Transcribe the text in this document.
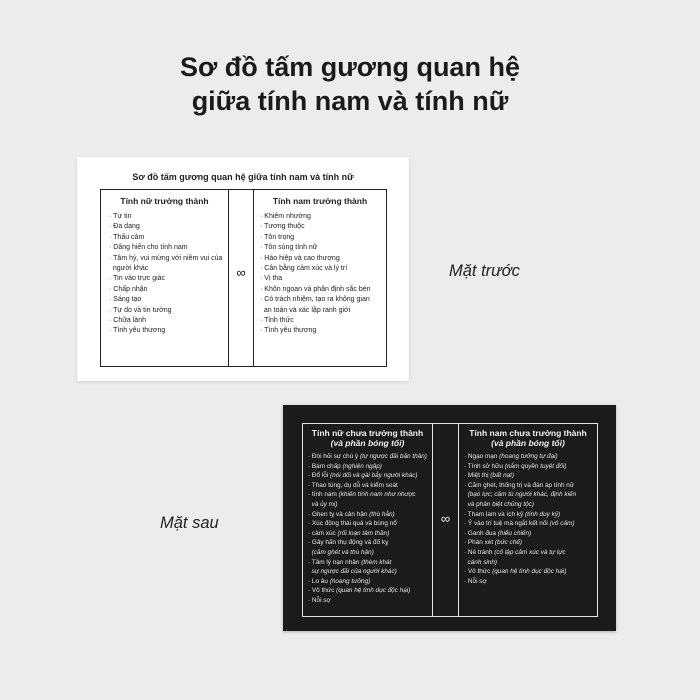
Sơ đồ tấm gương quan hệ
giữa tính nam và tính nữ
Sơ đồ tấm gương quan hệ giữa tính nam và tính nữ
Tính nữ trưởng thành
· Tự tin
· Đa dạng
· Thấu cảm
· Dâng hiến cho tính nam
· Tâm hỷ, vui mừng với niềm vui của
người khác
· Tin vào trực giác
· Chấp nhận
· Sáng tạo
· Tự do và tin tưởng
· Chữa lành
· Tình yêu thương
∞
Tính nam trưởng thành
· Khiêm nhường
· Tương thuộc
· Tôn trọng
· Tôn sùng tính nữ
· Hào hiệp và cao thượng
· Cân bằng cảm xúc và lý trí
· Vị tha
· Khôn ngoan và phân định sắc bén
· Có trách nhiệm, tạo ra không gian
an toàn và xác lập ranh giới
· Tỉnh thức
· Tình yêu thương
Mặt trước
Mặt sau
Tính nữ chưa trưởng thành
(và phần bóng tối)
· Đòi hỏi sự chú ý (tự ngược đãi bản thân)
· Bám chấp (nghiện ngập)
· Đổ lỗi (nói dối và gài bẫy người khác)
· Thao túng, dụ dỗ và kiểm soát
· tính nam (khiến tính nam như nhược
và ủy mị)
· Ghen tỵ và cản hận (thù hằn)
· Xúc động thái quá và bùng nổ
· cảm xúc (rối loạn tâm thần)
· Gây hấn thụ động và đố kỵ
(căm ghét và thù hận)
· Tâm lý nạn nhân (thèm khát
sự ngược đãi của người khác)
· Lo âu (hoang tưởng)
· Vô thức (quan hệ tình dục độc hại)
· Nỗi sợ
∞
Tính nam chưa trưởng thành
(và phần bóng tối)
· Ngạo mạn (hoang tưởng tự đại)
· Tính sở hữu (nắm quyền tuyệt đối)
· Miệt thị (bất nạt)
· Căm ghét, thống trị và đàn áp tính nữ
(bạo lực; căm tù người khác, định kiến
và phân biệt chủng tộc)
· Tham lam và ích kỷ (tính duy kỷ)
· Ý vào trí tuệ mà ngắt kết nối (vô cảm)
· Ganh đua (hiếu chiến)
· Phán xét (bức chế)
· Né tránh (cô lập cảm xúc và tự lực
cánh sinh)
· Vô thức (quan hệ tình dục độc hại)
· Nỗi sợ
